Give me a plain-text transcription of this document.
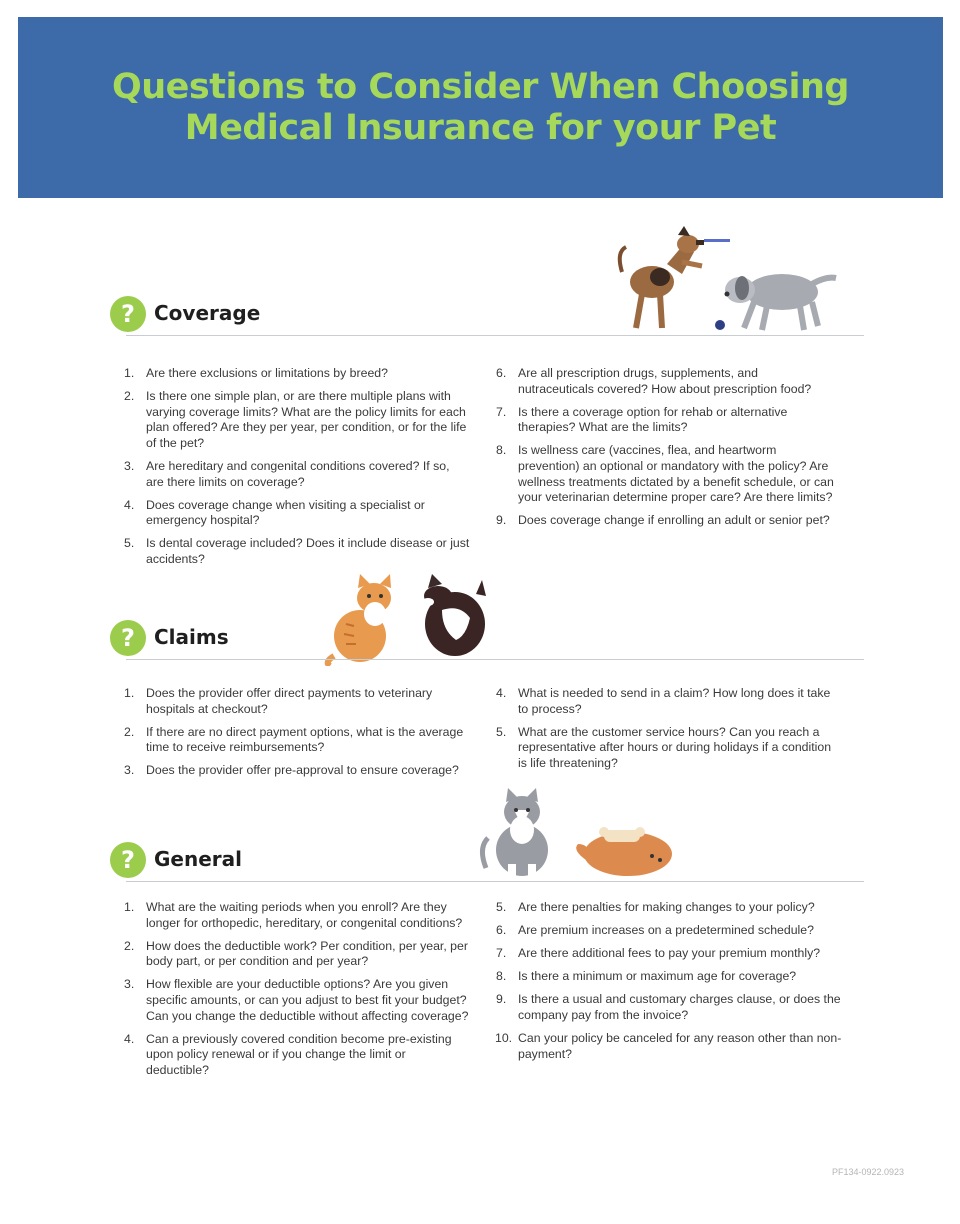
Questions to Consider When Choosing
Medical Insurance for your Pet
? Coverage
1. Are there exclusions or limitations by breed?
2. Is there one simple plan, or are there multiple plans with varying coverage limits? What are the policy limits for each plan offered? Are they per year, per condition, or for the life of the pet?
3. Are hereditary and congenital conditions covered? If so, are there limits on coverage?
4. Does coverage change when visiting a specialist or emergency hospital?
5. Is dental coverage included? Does it include disease or just accidents?
6. Are all prescription drugs, supplements, and nutraceuticals covered? How about prescription food?
7. Is there a coverage option for rehab or alternative therapies? What are the limits?
8. Is wellness care (vaccines, flea, and heartworm prevention) an optional or mandatory with the policy? Are wellness treatments dictated by a benefit schedule, or can your veterinarian determine proper care? Are there limits?
9. Does coverage change if enrolling an adult or senior pet?
? Claims
1. Does the provider offer direct payments to veterinary hospitals at checkout?
2. If there are no direct payment options, what is the average time to receive reimbursements?
3. Does the provider offer pre-approval to ensure coverage?
4. What is needed to send in a claim? How long does it take to process?
5. What are the customer service hours? Can you reach a representative after hours or during holidays if a condition is life threatening?
? General
1. What are the waiting periods when you enroll? Are they longer for orthopedic, hereditary, or congenital conditions?
2. How does the deductible work? Per condition, per year, per body part, or per condition and per year?
3. How flexible are your deductible options? Are you given specific amounts, or can you adjust to best fit your budget? Can you change the deductible without affecting coverage?
4. Can a previously covered condition become pre-existing upon policy renewal or if you change the limit or deductible?
5. Are there penalties for making changes to your policy?
6. Are premium increases on a predetermined schedule?
7. Are there additional fees to pay your premium monthly?
8. Is there a minimum or maximum age for coverage?
9. Is there a usual and customary charges clause, or does the company pay from the invoice?
10. Can your policy be canceled for any reason other than non-payment?
PF134-0922.0923
